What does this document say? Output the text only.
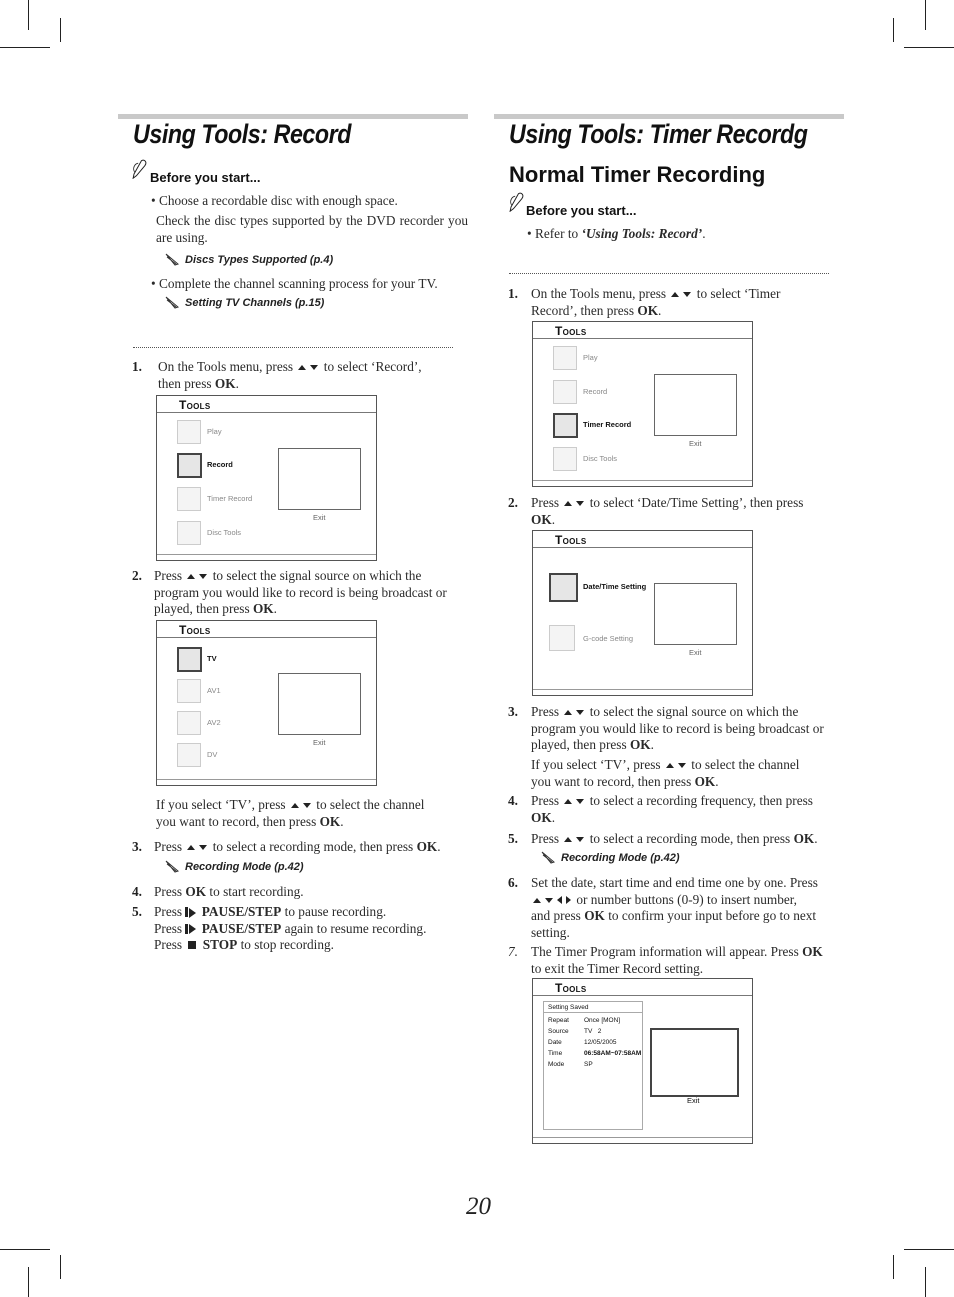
Using Tools: Record
Before you start...
• Choose a recordable disc with enough space.
Check the disc types supported by the DVD recorder you are using.
Discs Types Supported (p.4)
• Complete the channel scanning process for your TV.
Setting TV Channels (p.15)
1. On the Tools menu, press to select ‘Record’,
then press OK.
Tools
Play
Record
Timer Record
Disc Tools
Exit
2. Press to select the signal source on which the
program you would like to record is being broadcast or
played, then press OK.
Tools
TV
AV1
AV2
DV
Exit
If you select ‘TV’, press to select the channel
you want to record, then press OK.
3. Press to select a recording mode, then press OK.
Recording Mode (p.42)
4. Press OK to start recording.
5. Press PAUSE/STEP to pause recording.
Press PAUSE/STEP again to resume recording.
Press STOP to stop recording.
Using Tools: Timer Recordg
Normal Timer Recording
Before you start...
• Refer to ‘Using Tools: Record’.
1. On the Tools menu, press to select ‘Timer
Record’, then press OK.
Tools
Play
Record
Timer Record
Disc Tools
Exit
2. Press to select ‘Date/Time Setting’, then press
OK.
Tools
Date/Time Setting
G-code Setting
Exit
3. Press to select the signal source on which the
program you would like to record is being broadcast or
played, then press OK.
If you select ‘TV’, press to select the channel
you want to record, then press OK.
4. Press to select a recording frequency, then press
OK.
5. Press to select a recording mode, then press OK.
Recording Mode (p.42)
6. Set the date, start time and end time one by one. Press
or number buttons (0-9) to insert number,
and press OK to confirm your input before go to next
setting.
7. The Timer Program information will appear. Press OK
to exit the Timer Record setting.
Tools
Setting Saved
Repeat Once [MON]
Source TV   2
Date	12/05/2005
Time	06:58AM~07:58AM
Mode	SP
Exit
20
